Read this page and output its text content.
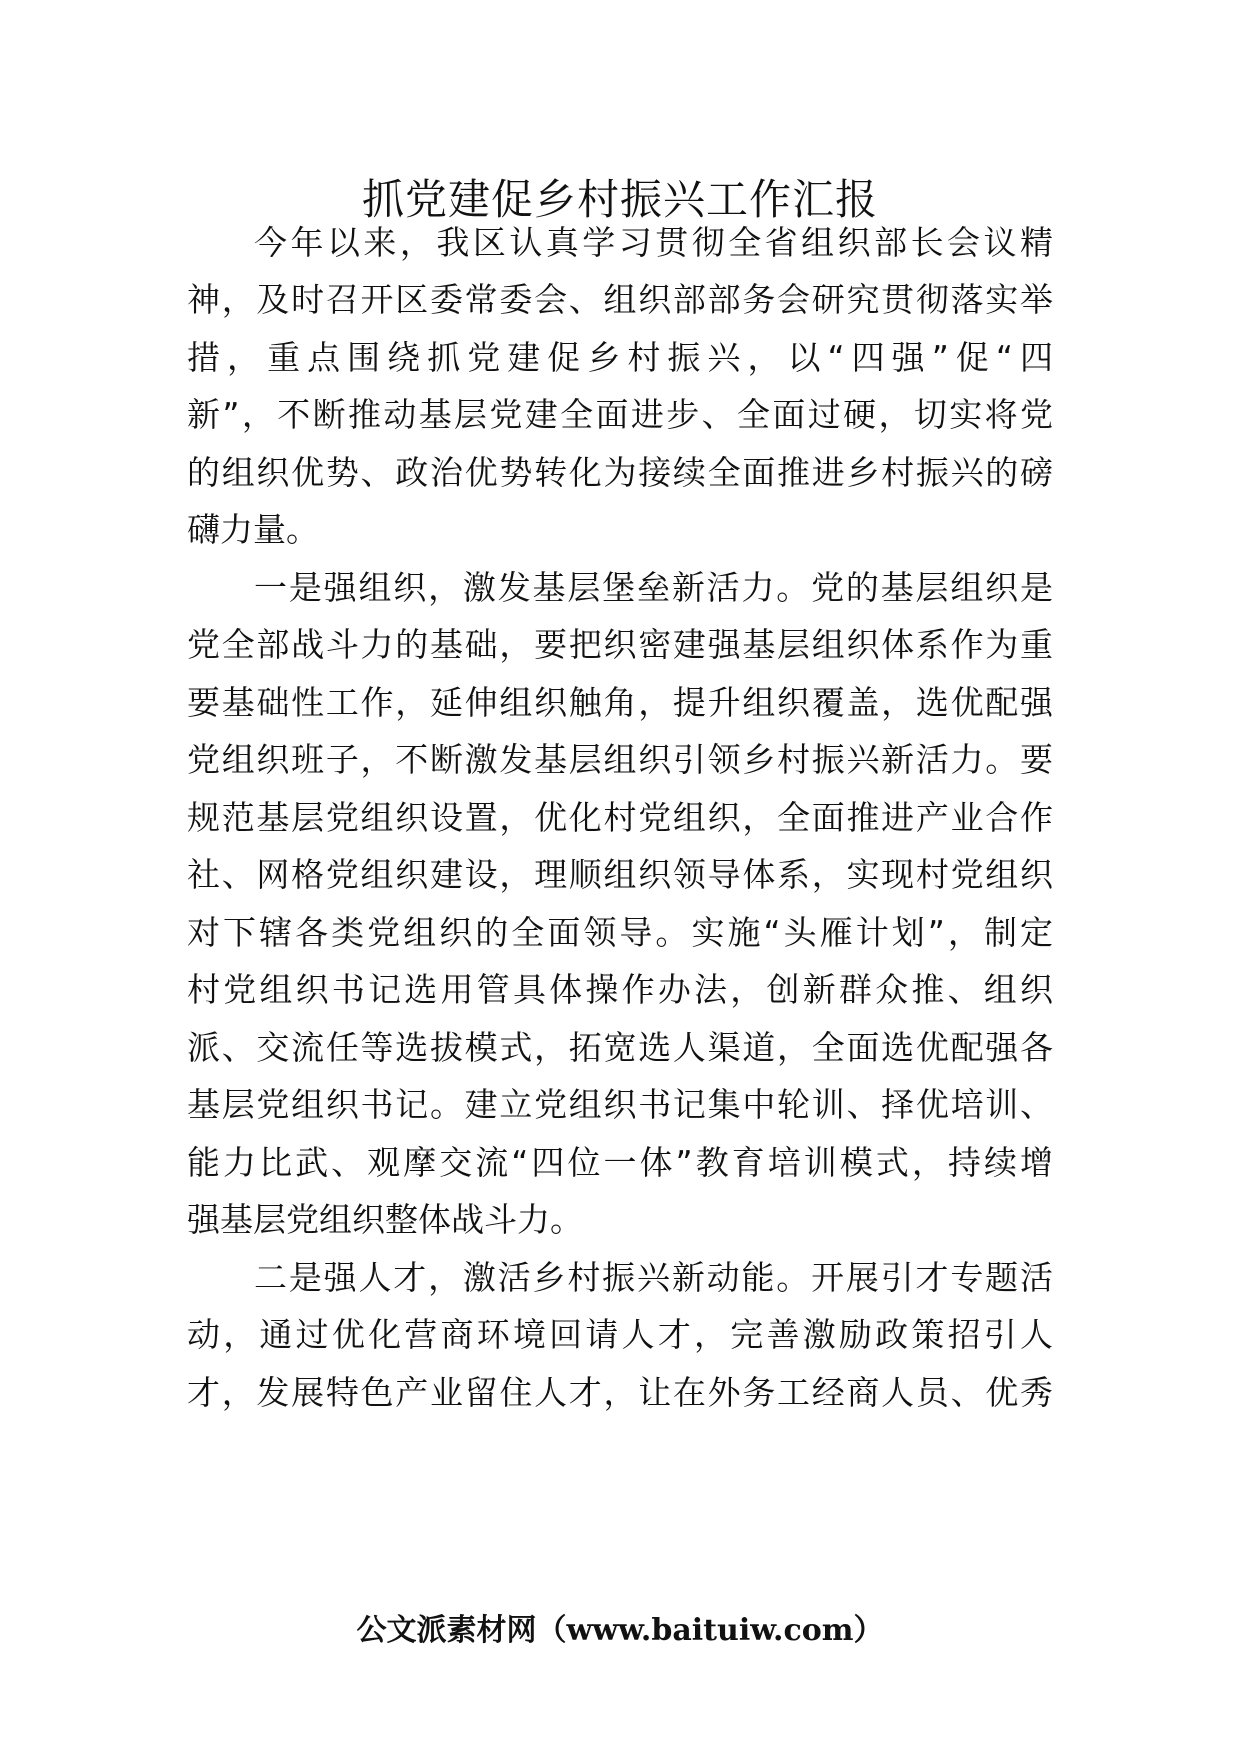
抓党建促乡村振兴工作汇报
今年以来，我区认真学习贯彻全省组织部长会议精
神，及时召开区委常委会、组织部部务会研究贯彻落实举
措，重点围绕抓党建促乡村振兴，以“四强”促“四
新”，不断推动基层党建全面进步、全面过硬，切实将党
的组织优势、政治优势转化为接续全面推进乡村振兴的磅
礴力量。
一是强组织，激发基层堡垒新活力。党的基层组织是
党全部战斗力的基础，要把织密建强基层组织体系作为重
要基础性工作，延伸组织触角，提升组织覆盖，选优配强
党组织班子，不断激发基层组织引领乡村振兴新活力。要
规范基层党组织设置，优化村党组织，全面推进产业合作
社、网格党组织建设，理顺组织领导体系，实现村党组织
对下辖各类党组织的全面领导。实施“头雁计划”，制定
村党组织书记选用管具体操作办法，创新群众推、组织
派、交流任等选拔模式，拓宽选人渠道，全面选优配强各
基层党组织书记。建立党组织书记集中轮训、择优培训、
能力比武、观摩交流“四位一体”教育培训模式，持续增
强基层党组织整体战斗力。
二是强人才，激活乡村振兴新动能。开展引才专题活
动，通过优化营商环境回请人才，完善激励政策招引人
才，发展特色产业留住人才，让在外务工经商人员、优秀
公文派素材网（www.baituiw.com）
